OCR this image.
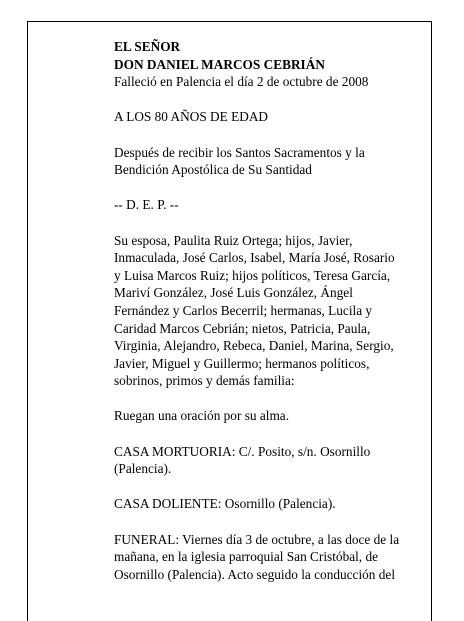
EL SEÑOR

DON DANIEL MARCOS CEBRIÁN

Falleció en Palencia el día 2 de octubre de 2008

A LOS 80 AÑOS DE EDAD

Después de recibir los Santos Sacramentos y la Bendición Apostólica de Su Santidad

-- D. E. P. --

Su esposa, Paulita Ruiz Ortega; hijos, Javier, Inmaculada, José Carlos, Isabel, María José, Rosario y Luisa Marcos Ruiz; hijos políticos, Teresa García, Mariví González, José Luis González, Ángel Fernández y Carlos Becerril; hermanas, Lucila y Caridad Marcos Cebrián; nietos, Patricia, Paula, Virginia, Alejandro, Rebeca, Daniel, Marina, Sergio, Javier, Miguel y Guillermo; hermanos políticos, sobrinos, primos y demás familia:

Ruegan una oración por su alma.

CASA MORTUORIA: C/. Posito, s/n. Osornillo (Palencia).

CASA DOLIENTE: Osornillo (Palencia).

FUNERAL: Viernes día 3 de octubre, a las doce de la mañana, en la iglesia parroquial San Cristóbal, de Osornillo (Palencia). Acto seguido la conducción del
